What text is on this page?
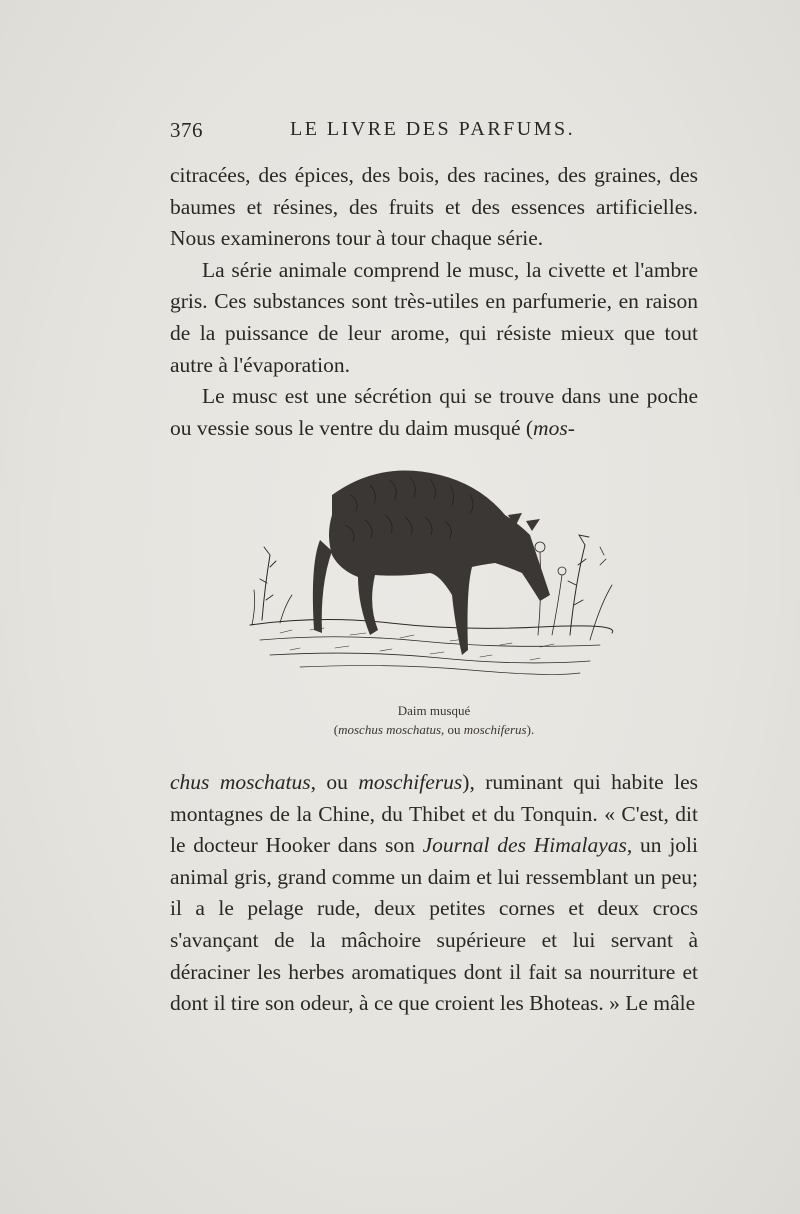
376	LE LIVRE DES PARFUMS.

citracées, des épices, des bois, des racines, des graines, des baumes et résines, des fruits et des essences artificielles. Nous examinerons tour à tour chaque série.

La série animale comprend le musc, la civette et l'ambre gris. Ces substances sont très-utiles en parfumerie, en raison de la puissance de leur arome, qui résiste mieux que tout autre à l'évaporation.

Le musc est une sécrétion qui se trouve dans une poche ou vessie sous le ventre du daim musqué (mos-

Daim musqué
(moschus moschatus, ou moschiferus).

chus moschatus, ou moschiferus), ruminant qui habite les montagnes de la Chine, du Thibet et du Tonquin. « C'est, dit le docteur Hooker dans son Journal des Himalayas, un joli animal gris, grand comme un daim et lui ressemblant un peu; il a le pelage rude, deux petites cornes et deux crocs s'avançant de la mâchoire supérieure et lui servant à déraciner les herbes aromatiques dont il fait sa nourriture et dont il tire son odeur, à ce que croient les Bhoteas. » Le mâle
